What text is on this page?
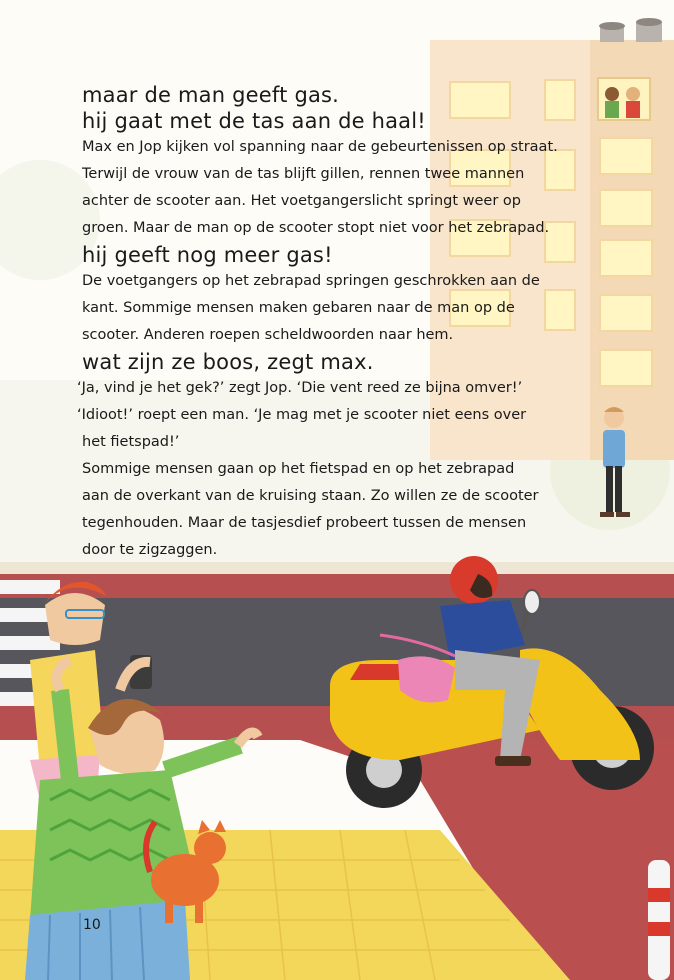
maar de man geeft gas.

hij gaat met de tas aan de haal!

Max en Jop kijken vol spanning naar de gebeurtenissen op straat.

Terwijl de vrouw van de tas blijft gillen, rennen twee mannen

achter de scooter aan. Het voetgangerslicht springt weer op

groen. Maar de man op de scooter stopt niet voor het zebrapad.

hij geeft nog meer gas!

De voetgangers op het zebrapad springen geschrokken aan de

kant. Sommige mensen maken gebaren naar de man op de

scooter. Anderen roepen scheldwoorden naar hem.

wat zijn ze boos, zegt max.

‘Ja, vind je het gek?’ zegt Jop. ‘Die vent reed ze bijna omver!’

‘Idioot!’ roept een man. ‘Je mag met je scooter niet eens over

het fietspad!’

Sommige mensen gaan op het fietspad en op het zebrapad

aan de overkant van de kruising staan. Zo willen ze de scooter

tegenhouden. Maar de tasjesdief probeert tussen de mensen

door te zigzaggen.

10
